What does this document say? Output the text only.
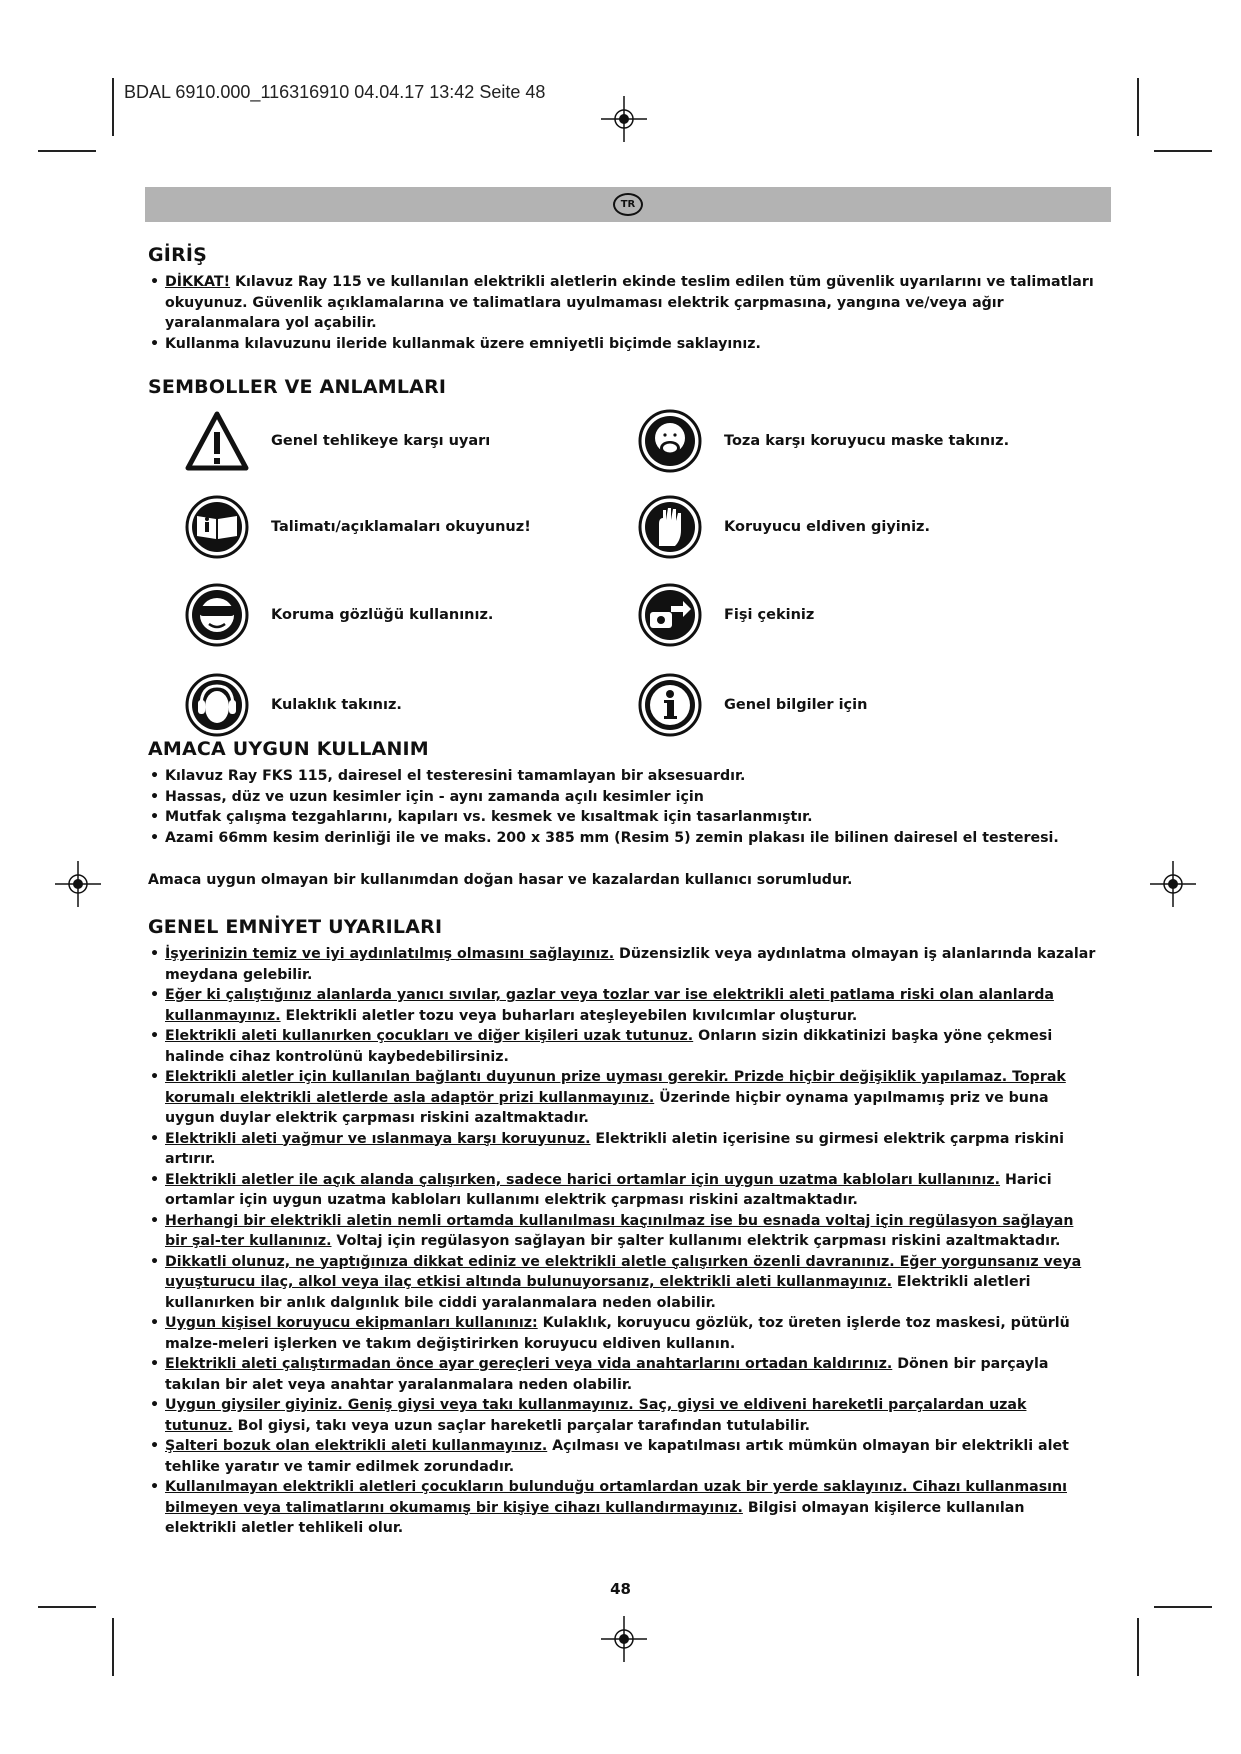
BDAL 6910.000_116316910 04.04.17 13:42 Seite 48
TR
GİRİŞ
• DİKKAT! Kılavuz Ray 115 ve kullanılan elektrikli aletlerin ekinde teslim edilen tüm güvenlik uyarılarını ve talimatları okuyunuz. Güvenlik açıklamalarına ve talimatlara uyulmaması elektrik çarpmasına, yangına ve/veya ağır yaralanmalara yol açabilir.
• Kullanma kılavuzunu ileride kullanmak üzere emniyetli biçimde saklayınız.
SEMBOLLER VE ANLAMLARI
Genel tehlikeye karşı uyarı	Toza karşı koruyucu maske takınız.
Talimatı/açıklamaları okuyunuz!	Koruyucu eldiven giyiniz.
Koruma gözlüğü kullanınız.	Fişi çekiniz
Kulaklık takınız.	Genel bilgiler için
AMACA UYGUN KULLANIM
• Kılavuz Ray FKS 115, dairesel el testeresini tamamlayan bir aksesuardır.
• Hassas, düz ve uzun kesimler için - aynı zamanda açılı kesimler için
• Mutfak çalışma tezgahlarını, kapıları vs. kesmek ve kısaltmak için tasarlanmıştır.
• Azami 66mm kesim derinliği ile ve maks. 200 x 385 mm (Resim 5) zemin plakası ile bilinen dairesel el testeresi.

Amaca uygun olmayan bir kullanımdan doğan hasar ve kazalardan kullanıcı sorumludur.

GENEL EMNİYET UYARILARI
• İşyerinizin temiz ve iyi aydınlatılmış olmasını sağlayınız. Düzensizlik veya aydınlatma olmayan iş alanlarında kazalar meydana gelebilir.
• Eğer ki çalıştığınız alanlarda yanıcı sıvılar, gazlar veya tozlar var ise elektrikli aleti patlama riski olan alanlarda kullanmayınız. Elektrikli aletler tozu veya buharları ateşleyebilen kıvılcımlar oluşturur.
• Elektrikli aleti kullanırken çocukları ve diğer kişileri uzak tutunuz. Onların sizin dikkatinizi başka yöne çekmesi halinde cihaz kontrolünü kaybedebilirsiniz.
• Elektrikli aletler için kullanılan bağlantı duyunun prize uyması gerekir. Prizde hiçbir değişiklik yapılamaz. Toprak korumalı elektrikli aletlerde asla adaptör prizi kullanmayınız. Üzerinde hiçbir oynama yapılmamış priz ve buna uygun duylar elektrik çarpması riskini azaltmaktadır.
• Elektrikli aleti yağmur ve ıslanmaya karşı koruyunuz. Elektrikli aletin içerisine su girmesi elektrik çarpma riskini artırır.
• Elektrikli aletler ile açık alanda çalışırken, sadece harici ortamlar için uygun uzatma kabloları kullanınız. Harici ortamlar için uygun uzatma kabloları kullanımı elektrik çarpması riskini azaltmaktadır.
• Herhangi bir elektrikli aletin nemli ortamda kullanılması kaçınılmaz ise bu esnada voltaj için regülasyon sağlayan bir şal-ter kullanınız. Voltaj için regülasyon sağlayan bir şalter kullanımı elektrik çarpması riskini azaltmaktadır.
• Dikkatli olunuz, ne yaptığınıza dikkat ediniz ve elektrikli aletle çalışırken özenli davranınız. Eğer yorgunsanız veya uyuşturucu ilaç, alkol veya ilaç etkisi altında bulunuyorsanız, elektrikli aleti kullanmayınız. Elektrikli aletleri kullanırken bir anlık dalgınlık bile ciddi yaralanmalara neden olabilir.
• Uygun kişisel koruyucu ekipmanları kullanınız: Kulaklık, koruyucu gözlük, toz üreten işlerde toz maskesi, pütürlü malze-meleri işlerken ve takım değiştirirken koruyucu eldiven kullanın.
• Elektrikli aleti çalıştırmadan önce ayar gereçleri veya vida anahtarlarını ortadan kaldırınız. Dönen bir parçayla takılan bir alet veya anahtar yaralanmalara neden olabilir.
• Uygun giysiler giyiniz. Geniş giysi veya takı kullanmayınız. Saç, giysi ve eldiveni hareketli parçalardan uzak tutunuz. Bol giysi, takı veya uzun saçlar hareketli parçalar tarafından tutulabilir.
• Şalteri bozuk olan elektrikli aleti kullanmayınız. Açılması ve kapatılması artık mümkün olmayan bir elektrikli alet tehlike yaratır ve tamir edilmek zorundadır.
• Kullanılmayan elektrikli aletleri çocukların bulunduğu ortamlardan uzak bir yerde saklayınız. Cihazı kullanmasını bilmeyen veya talimatlarını okumamış bir kişiye cihazı kullandırmayınız. Bilgisi olmayan kişilerce kullanılan elektrikli aletler tehlikeli olur.
48
